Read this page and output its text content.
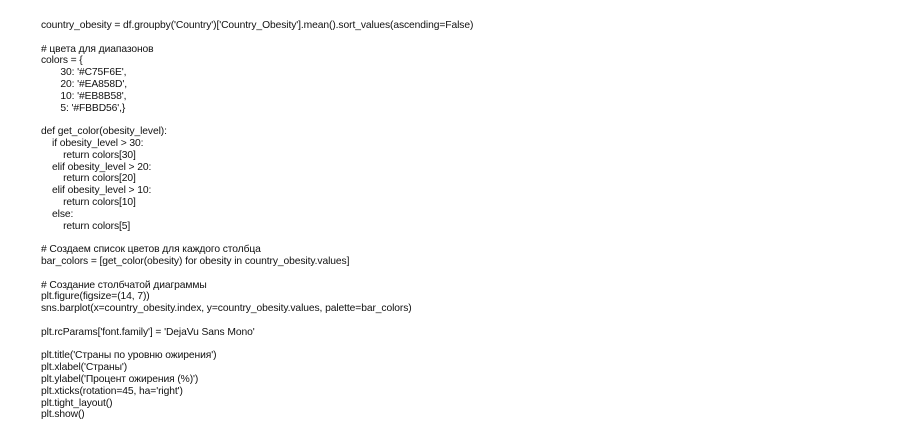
country_obesity = df.groupby('Country')['Country_Obesity'].mean().sort_values(ascending=False)
# цвета для диапазонов
colors = {
30: '#C75F6E',
20: '#EA858D',
10: '#EB8B58',
5: '#FBBD56',}
def get_color(obesity_level):
if obesity_level > 30:
return colors[30]
elif obesity_level > 20:
return colors[20]
elif obesity_level > 10:
return colors[10]
else:
return colors[5]
# Создаем список цветов для каждого столбца
bar_colors = [get_color(obesity) for obesity in country_obesity.values]
# Создание столбчатой диаграммы
plt.figure(figsize=(14, 7))
sns.barplot(x=country_obesity.index, y=country_obesity.values, palette=bar_colors)
plt.rcParams['font.family'] = 'DejaVu Sans Mono'
plt.title('Страны по уровню ожирения')
plt.xlabel('Страны')
plt.ylabel('Процент ожирения (%)')
plt.xticks(rotation=45, ha='right')
plt.tight_layout()
plt.show()
